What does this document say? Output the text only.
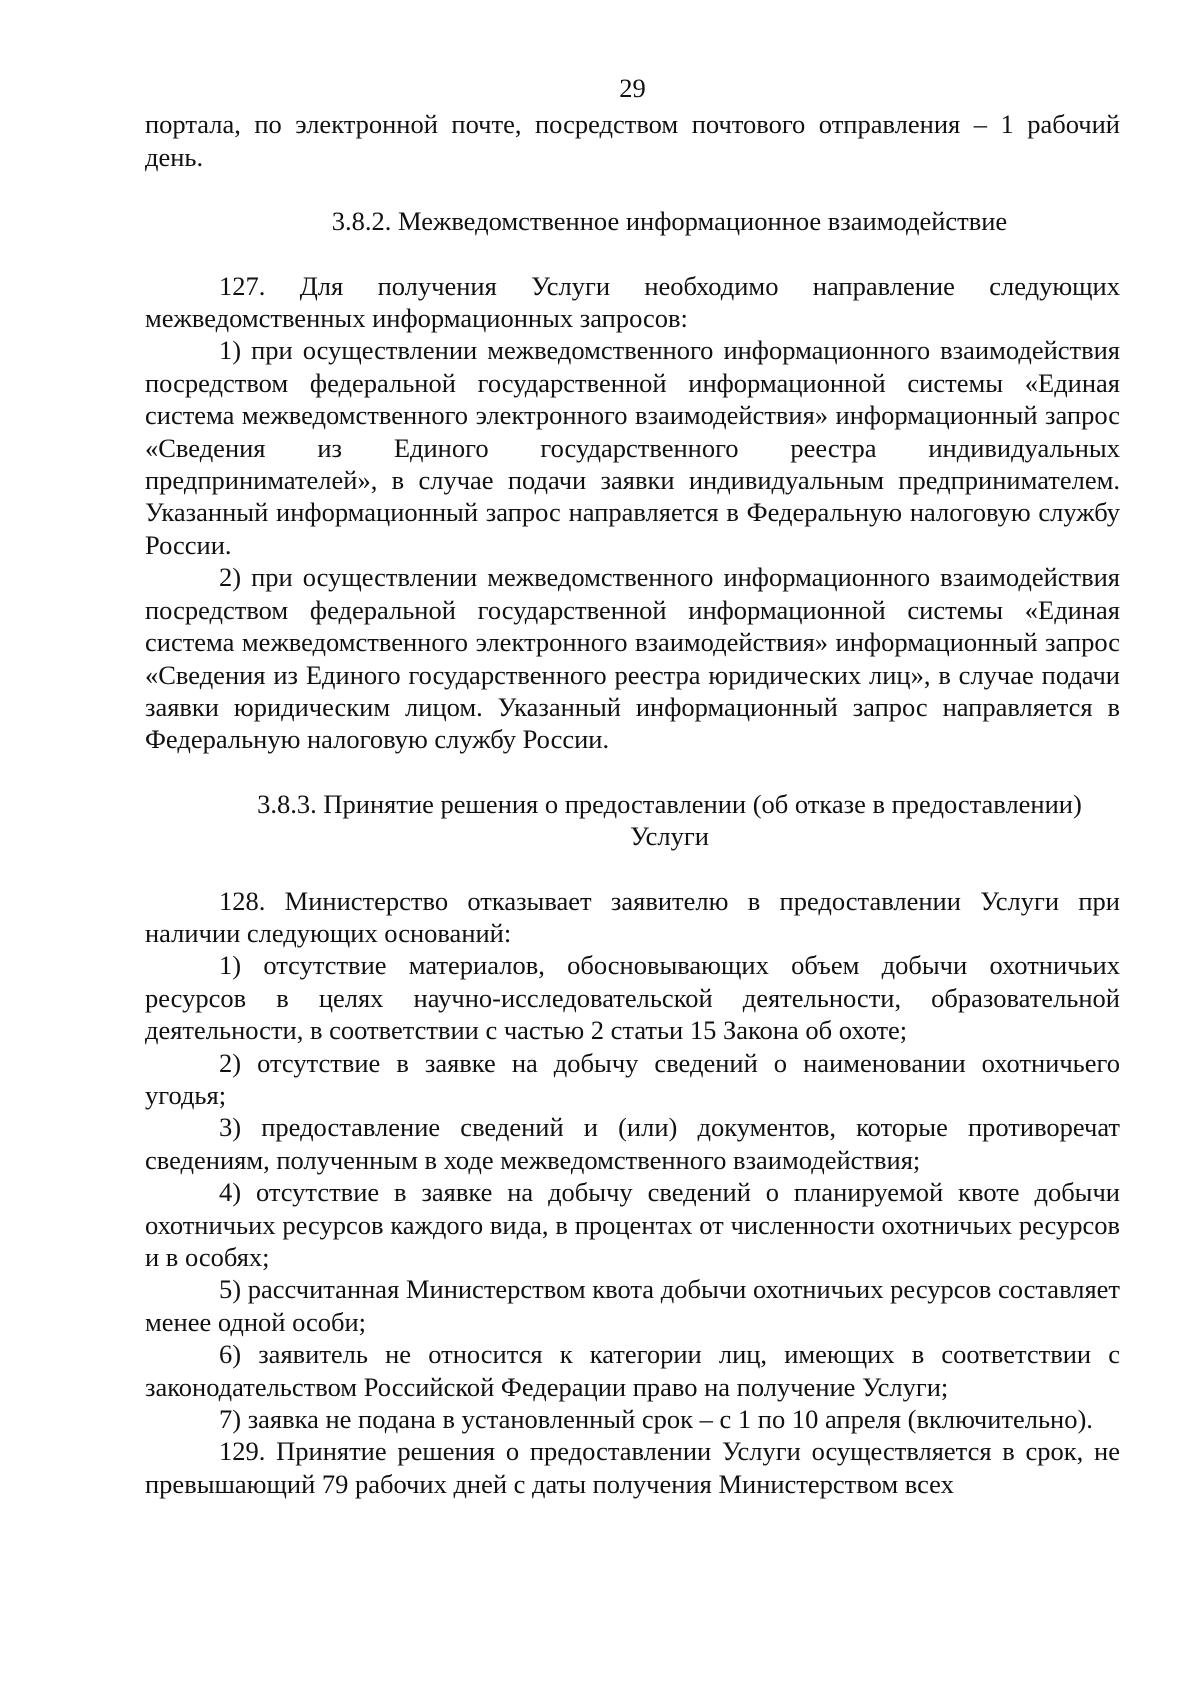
29

портала, по электронной почте, посредством почтового отправления – 1 рабочий день.

3.8.2. Межведомственное информационное взаимодействие

127. Для получения Услуги необходимо направление следующих межведомственных информационных запросов:

1) при осуществлении межведомственного информационного взаимодействия посредством федеральной государственной информационной системы «Единая система межведомственного электронного взаимодействия» информационный запрос «Сведения из Единого государственного реестра индивидуальных предпринимателей», в случае подачи заявки индивидуальным предпринимателем. Указанный информационный запрос направляется в Федеральную налоговую службу России.

2) при осуществлении межведомственного информационного взаимодействия посредством федеральной государственной информационной системы «Единая система межведомственного электронного взаимодействия» информационный запрос «Сведения из Единого государственного реестра юридических лиц», в случае подачи заявки юридическим лицом. Указанный информационный запрос направляется в Федеральную налоговую службу России.

3.8.3. Принятие решения о предоставлении (об отказе в предоставлении) Услуги

128. Министерство отказывает заявителю в предоставлении Услуги при наличии следующих оснований:

1) отсутствие материалов, обосновывающих объем добычи охотничьих ресурсов в целях научно-исследовательской деятельности, образовательной деятельности, в соответствии с частью 2 статьи 15 Закона об охоте;

2) отсутствие в заявке на добычу сведений о наименовании охотничьего угодья;

3) предоставление сведений и (или) документов, которые противоречат сведениям, полученным в ходе межведомственного взаимодействия;

4) отсутствие в заявке на добычу сведений о планируемой квоте добычи охотничьих ресурсов каждого вида, в процентах от численности охотничьих ресурсов и в особях;

5) рассчитанная Министерством квота добычи охотничьих ресурсов составляет менее одной особи;

6) заявитель не относится к категории лиц, имеющих в соответствии с законодательством Российской Федерации право на получение Услуги;

7) заявка не подана в установленный срок – с 1 по 10 апреля (включительно).

129. Принятие решения о предоставлении Услуги осуществляется в срок, не превышающий 79 рабочих дней с даты получения Министерством всех
